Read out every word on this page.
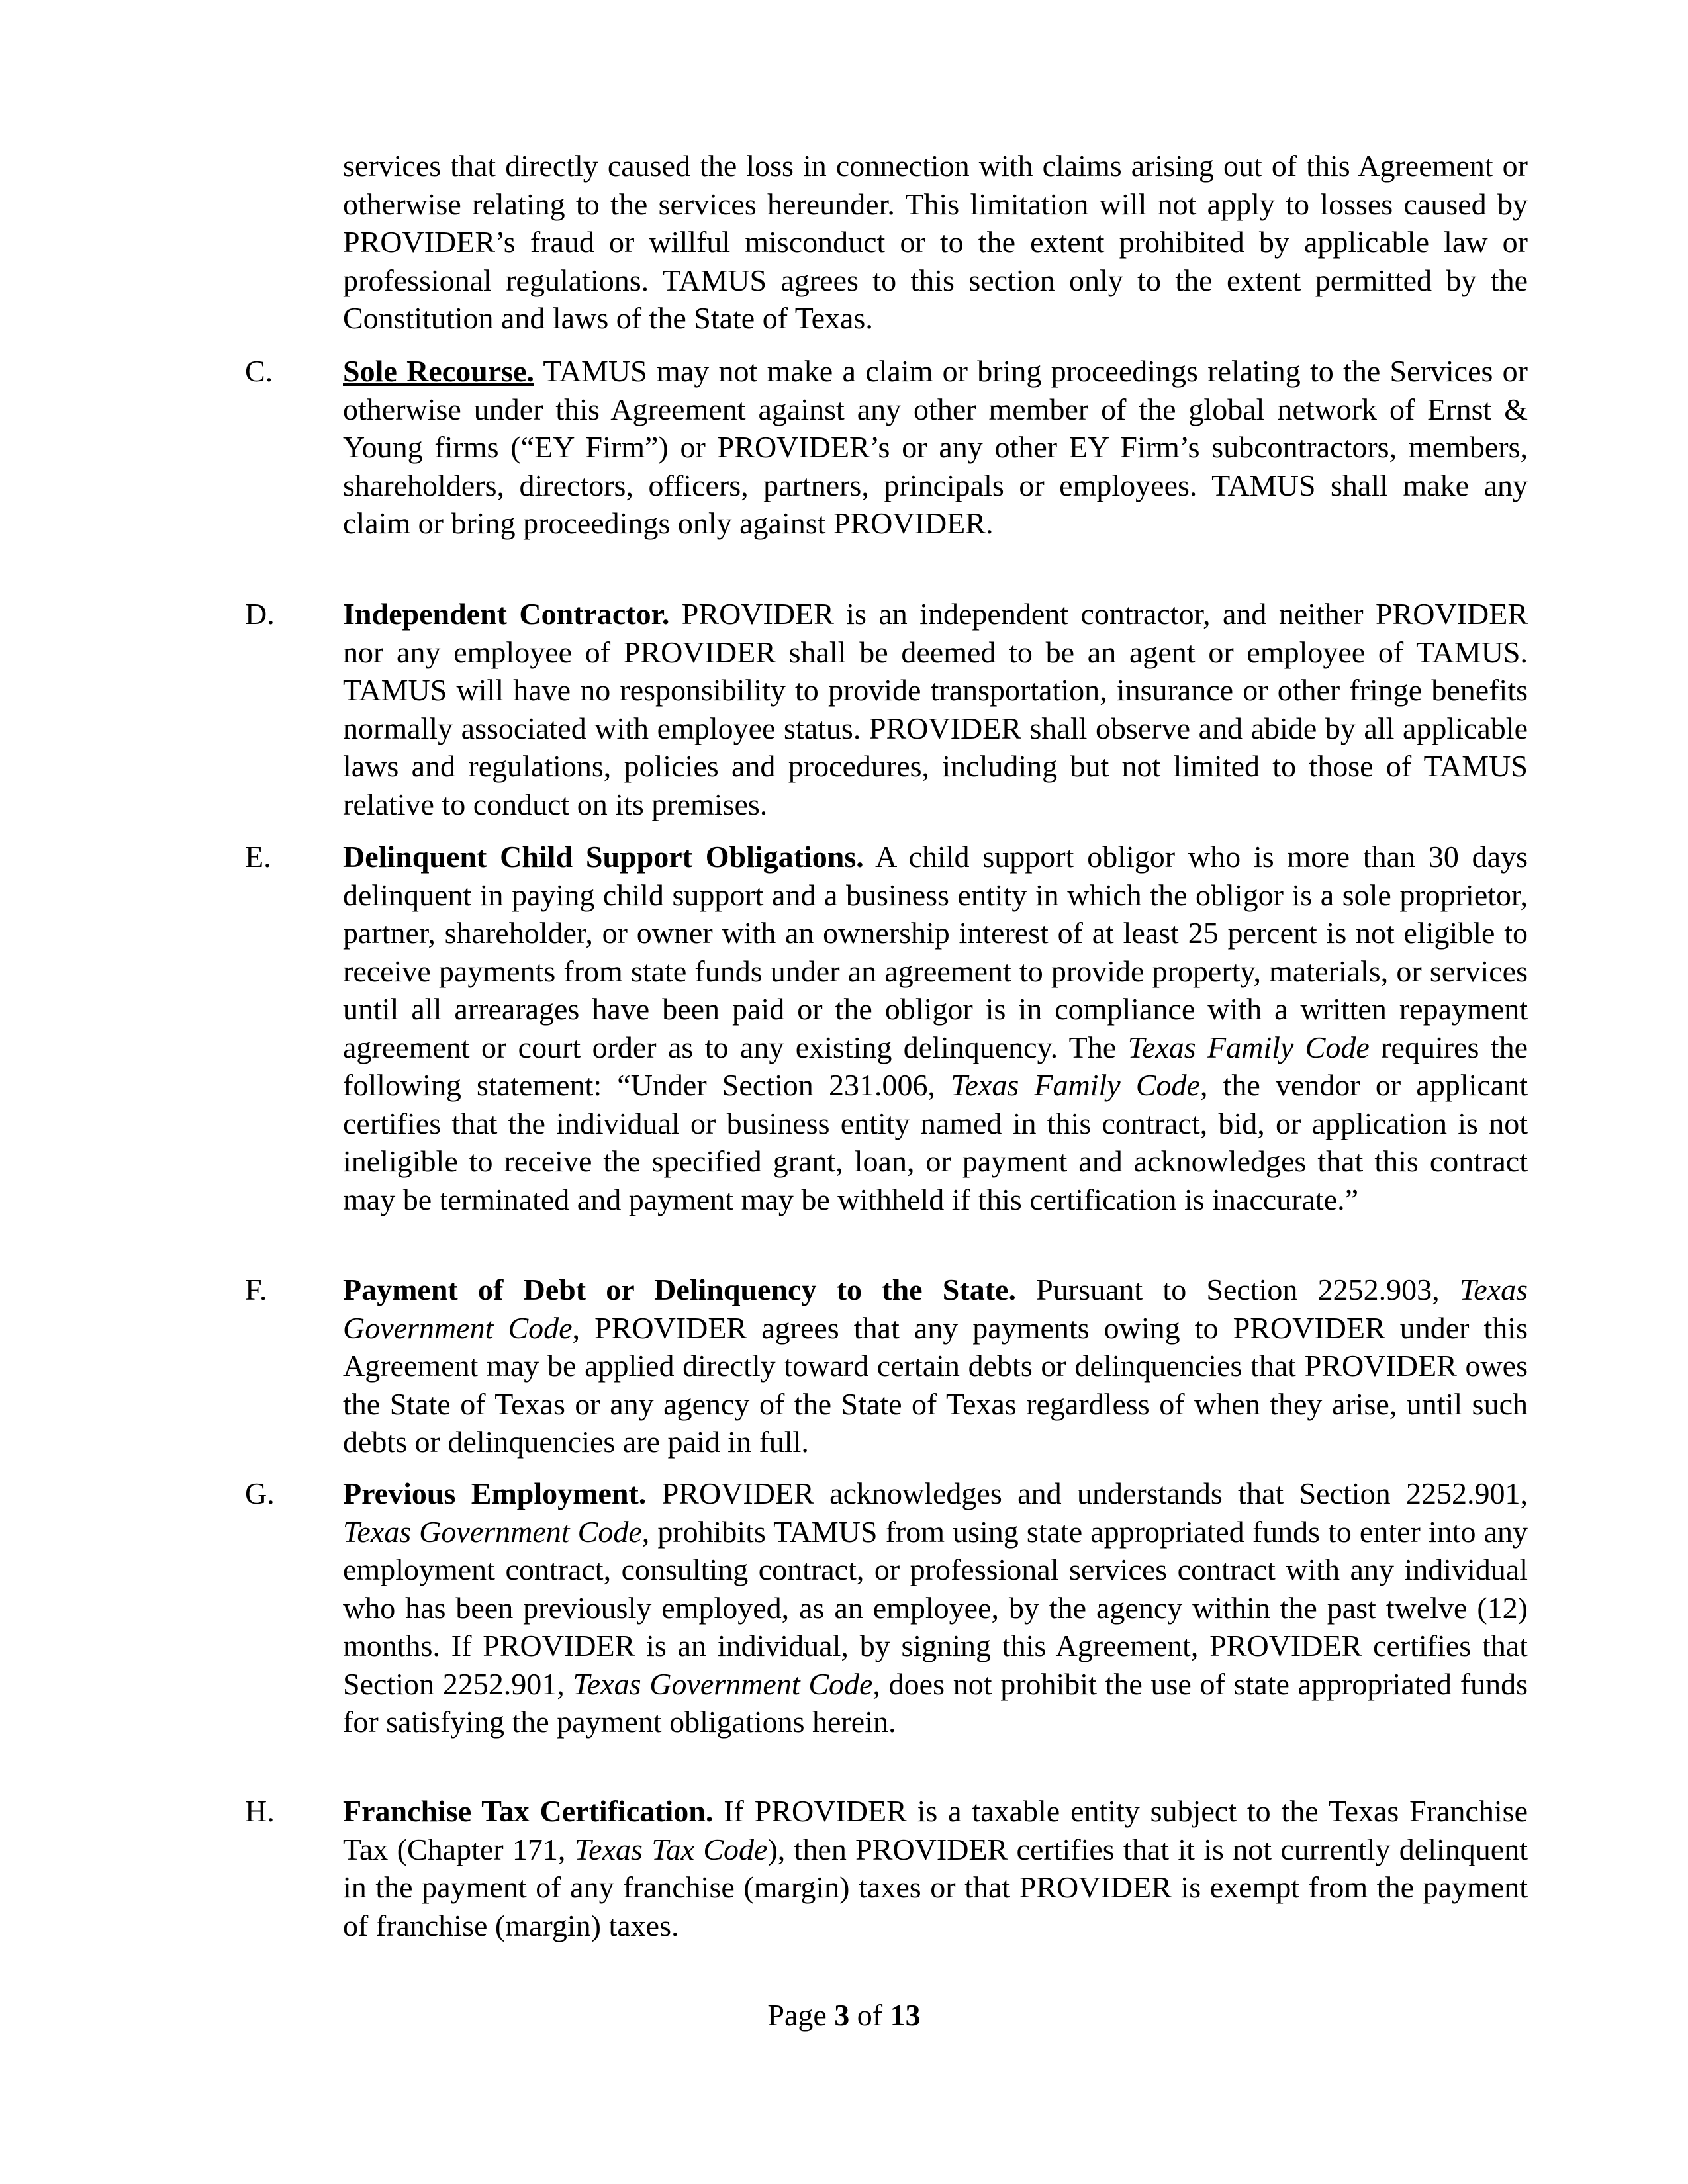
services that directly caused the loss in connection with claims arising out of this Agreement or otherwise relating to the services hereunder. This limitation will not apply to losses caused by PROVIDER’s fraud or willful misconduct or to the extent prohibited by applicable law or professional regulations. TAMUS agrees to this section only to the extent permitted by the Constitution and laws of the State of Texas.

C. Sole Recourse. TAMUS may not make a claim or bring proceedings relating to the Services or otherwise under this Agreement against any other member of the global network of Ernst & Young firms (“EY Firm”) or PROVIDER’s or any other EY Firm’s subcontractors, members, shareholders, directors, officers, partners, principals or employees. TAMUS shall make any claim or bring proceedings only against PROVIDER.

D. Independent Contractor. PROVIDER is an independent contractor, and neither PROVIDER nor any employee of PROVIDER shall be deemed to be an agent or employee of TAMUS. TAMUS will have no responsibility to provide transportation, insurance or other fringe benefits normally associated with employee status. PROVIDER shall observe and abide by all applicable laws and regulations, policies and procedures, including but not limited to those of TAMUS relative to conduct on its premises.

E. Delinquent Child Support Obligations. A child support obligor who is more than 30 days delinquent in paying child support and a business entity in which the obligor is a sole proprietor, partner, shareholder, or owner with an ownership interest of at least 25 percent is not eligible to receive payments from state funds under an agreement to provide property, materials, or services until all arrearages have been paid or the obligor is in compliance with a written repayment agreement or court order as to any existing delinquency. The Texas Family Code requires the following statement: “Under Section 231.006, Texas Family Code, the vendor or applicant certifies that the individual or business entity named in this contract, bid, or application is not ineligible to receive the specified grant, loan, or payment and acknowledges that this contract may be terminated and payment may be withheld if this certification is inaccurate.”

F. Payment of Debt or Delinquency to the State. Pursuant to Section 2252.903, Texas Government Code, PROVIDER agrees that any payments owing to PROVIDER under this Agreement may be applied directly toward certain debts or delinquencies that PROVIDER owes the State of Texas or any agency of the State of Texas regardless of when they arise, until such debts or delinquencies are paid in full.

G. Previous Employment. PROVIDER acknowledges and understands that Section 2252.901, Texas Government Code, prohibits TAMUS from using state appropriated funds to enter into any employment contract, consulting contract, or professional services contract with any individual who has been previously employed, as an employee, by the agency within the past twelve (12) months. If PROVIDER is an individual, by signing this Agreement, PROVIDER certifies that Section 2252.901, Texas Government Code, does not prohibit the use of state appropriated funds for satisfying the payment obligations herein.

H. Franchise Tax Certification. If PROVIDER is a taxable entity subject to the Texas Franchise Tax (Chapter 171, Texas Tax Code), then PROVIDER certifies that it is not currently delinquent in the payment of any franchise (margin) taxes or that PROVIDER is exempt from the payment of franchise (margin) taxes.

Page 3 of 13
